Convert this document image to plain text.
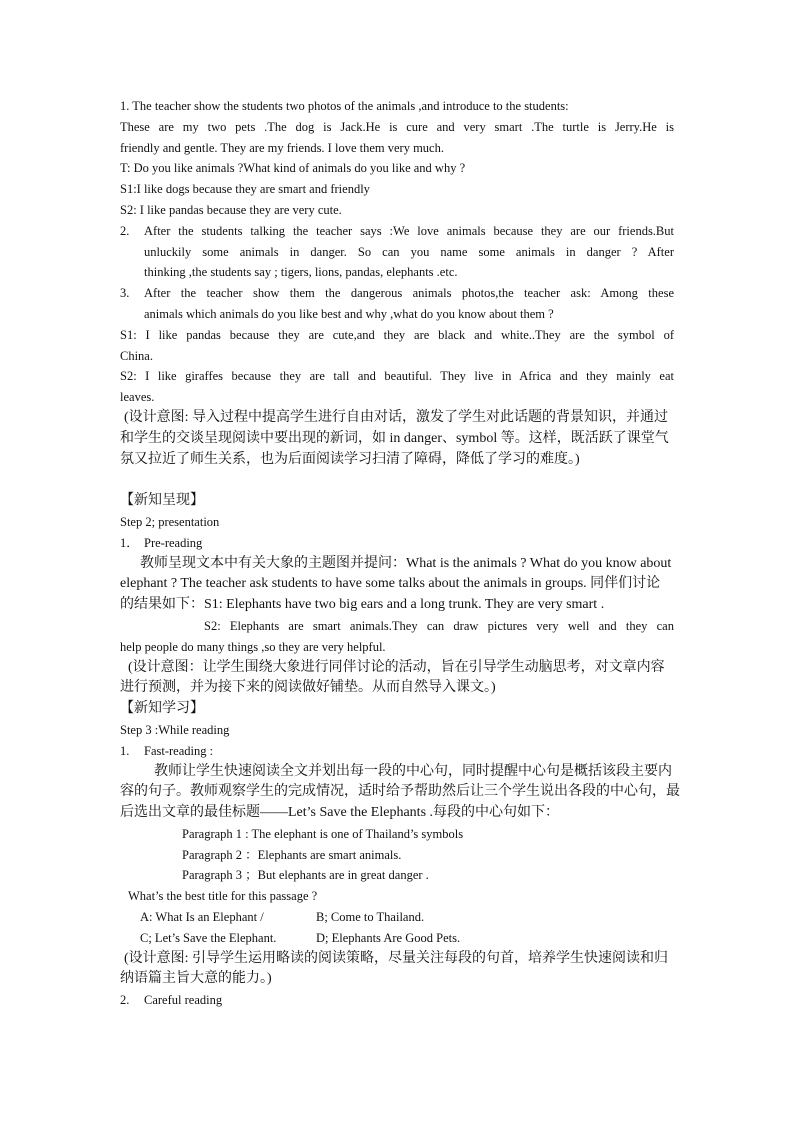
1. The teacher show the students two photos of the animals ,and introduce to the students:
These are my two pets .The dog is Jack.He is cure and very smart .The turtle is Jerry.He is
friendly and gentle. They are my friends. I love them very much.
T: Do you like animals ?What kind of animals do you like and why ?
S1:I like dogs because they are smart and friendly
S2: I like pandas because they are very cute.
2. After the students talking the teacher says :We love animals because they are our friends.But
unluckily some animals in danger. So can you name some animals in danger ? After
thinking ,the students say ; tigers, lions, pandas, elephants .etc.
3. After the teacher show them the dangerous animals photos,the teacher ask: Among these
animals which animals do you like best and why ,what do you know about them ?
S1: I like pandas because they are cute,and they are black and white..They are the symbol of
China.
S2: I like giraffes because they are tall and beautiful. They live in Africa and they mainly eat
leaves.
(设计意图: 导入过程中提高学生进行自由对话，激发了学生对此话题的背景知识，并通过
和学生的交谈呈现阅读中要出现的新词，如 in danger、symbol 等。这样，既活跃了课堂气
氛又拉近了师生关系，也为后面阅读学习扫清了障碍，降低了学习的难度。)
【新知呈现】
Step 2; presentation
1． Pre-reading
教师呈现文本中有关大象的主题图并提问：What is the animals ? What do you know about
elephant ? The teacher ask students to have some talks about the animals in groups. 同伴们讨论
的结果如下：S1: Elephants have two big ears and a long trunk. They are very smart .
S2: Elephants are smart animals.They can draw pictures very well and they can
help people do many things ,so they are very helpful.
(设计意图：让学生围绕大象进行同伴讨论的活动，旨在引导学生动脑思考，对文章内容
进行预测，并为接下来的阅读做好铺垫。从而自然导入课文。)
【新知学习】
Step 3 :While reading
1. Fast-reading :
教师让学生快速阅读全文并划出每一段的中心句，同时提醒中心句是概括该段主要内
容的句子。教师观察学生的完成情况，适时给予帮助然后让三个学生说出各段的中心句，最
后选出文章的最佳标题——Let’s Save the Elephants .每段的中心句如下：
Paragraph 1 : The elephant is one of Thailand’s symbols
Paragraph 2 ：Elephants are smart animals.
Paragraph 3 ；But elephants are in great danger .
What’s the best title for this passage ?
A: What Is an Elephant /	B; Come to Thailand.
C; Let’s Save the Elephant.	D; Elephants Are Good Pets.
(设计意图: 引导学生运用略读的阅读策略，尽量关注每段的句首，培养学生快速阅读和归
纳语篇主旨大意的能力。)
2. Careful reading
